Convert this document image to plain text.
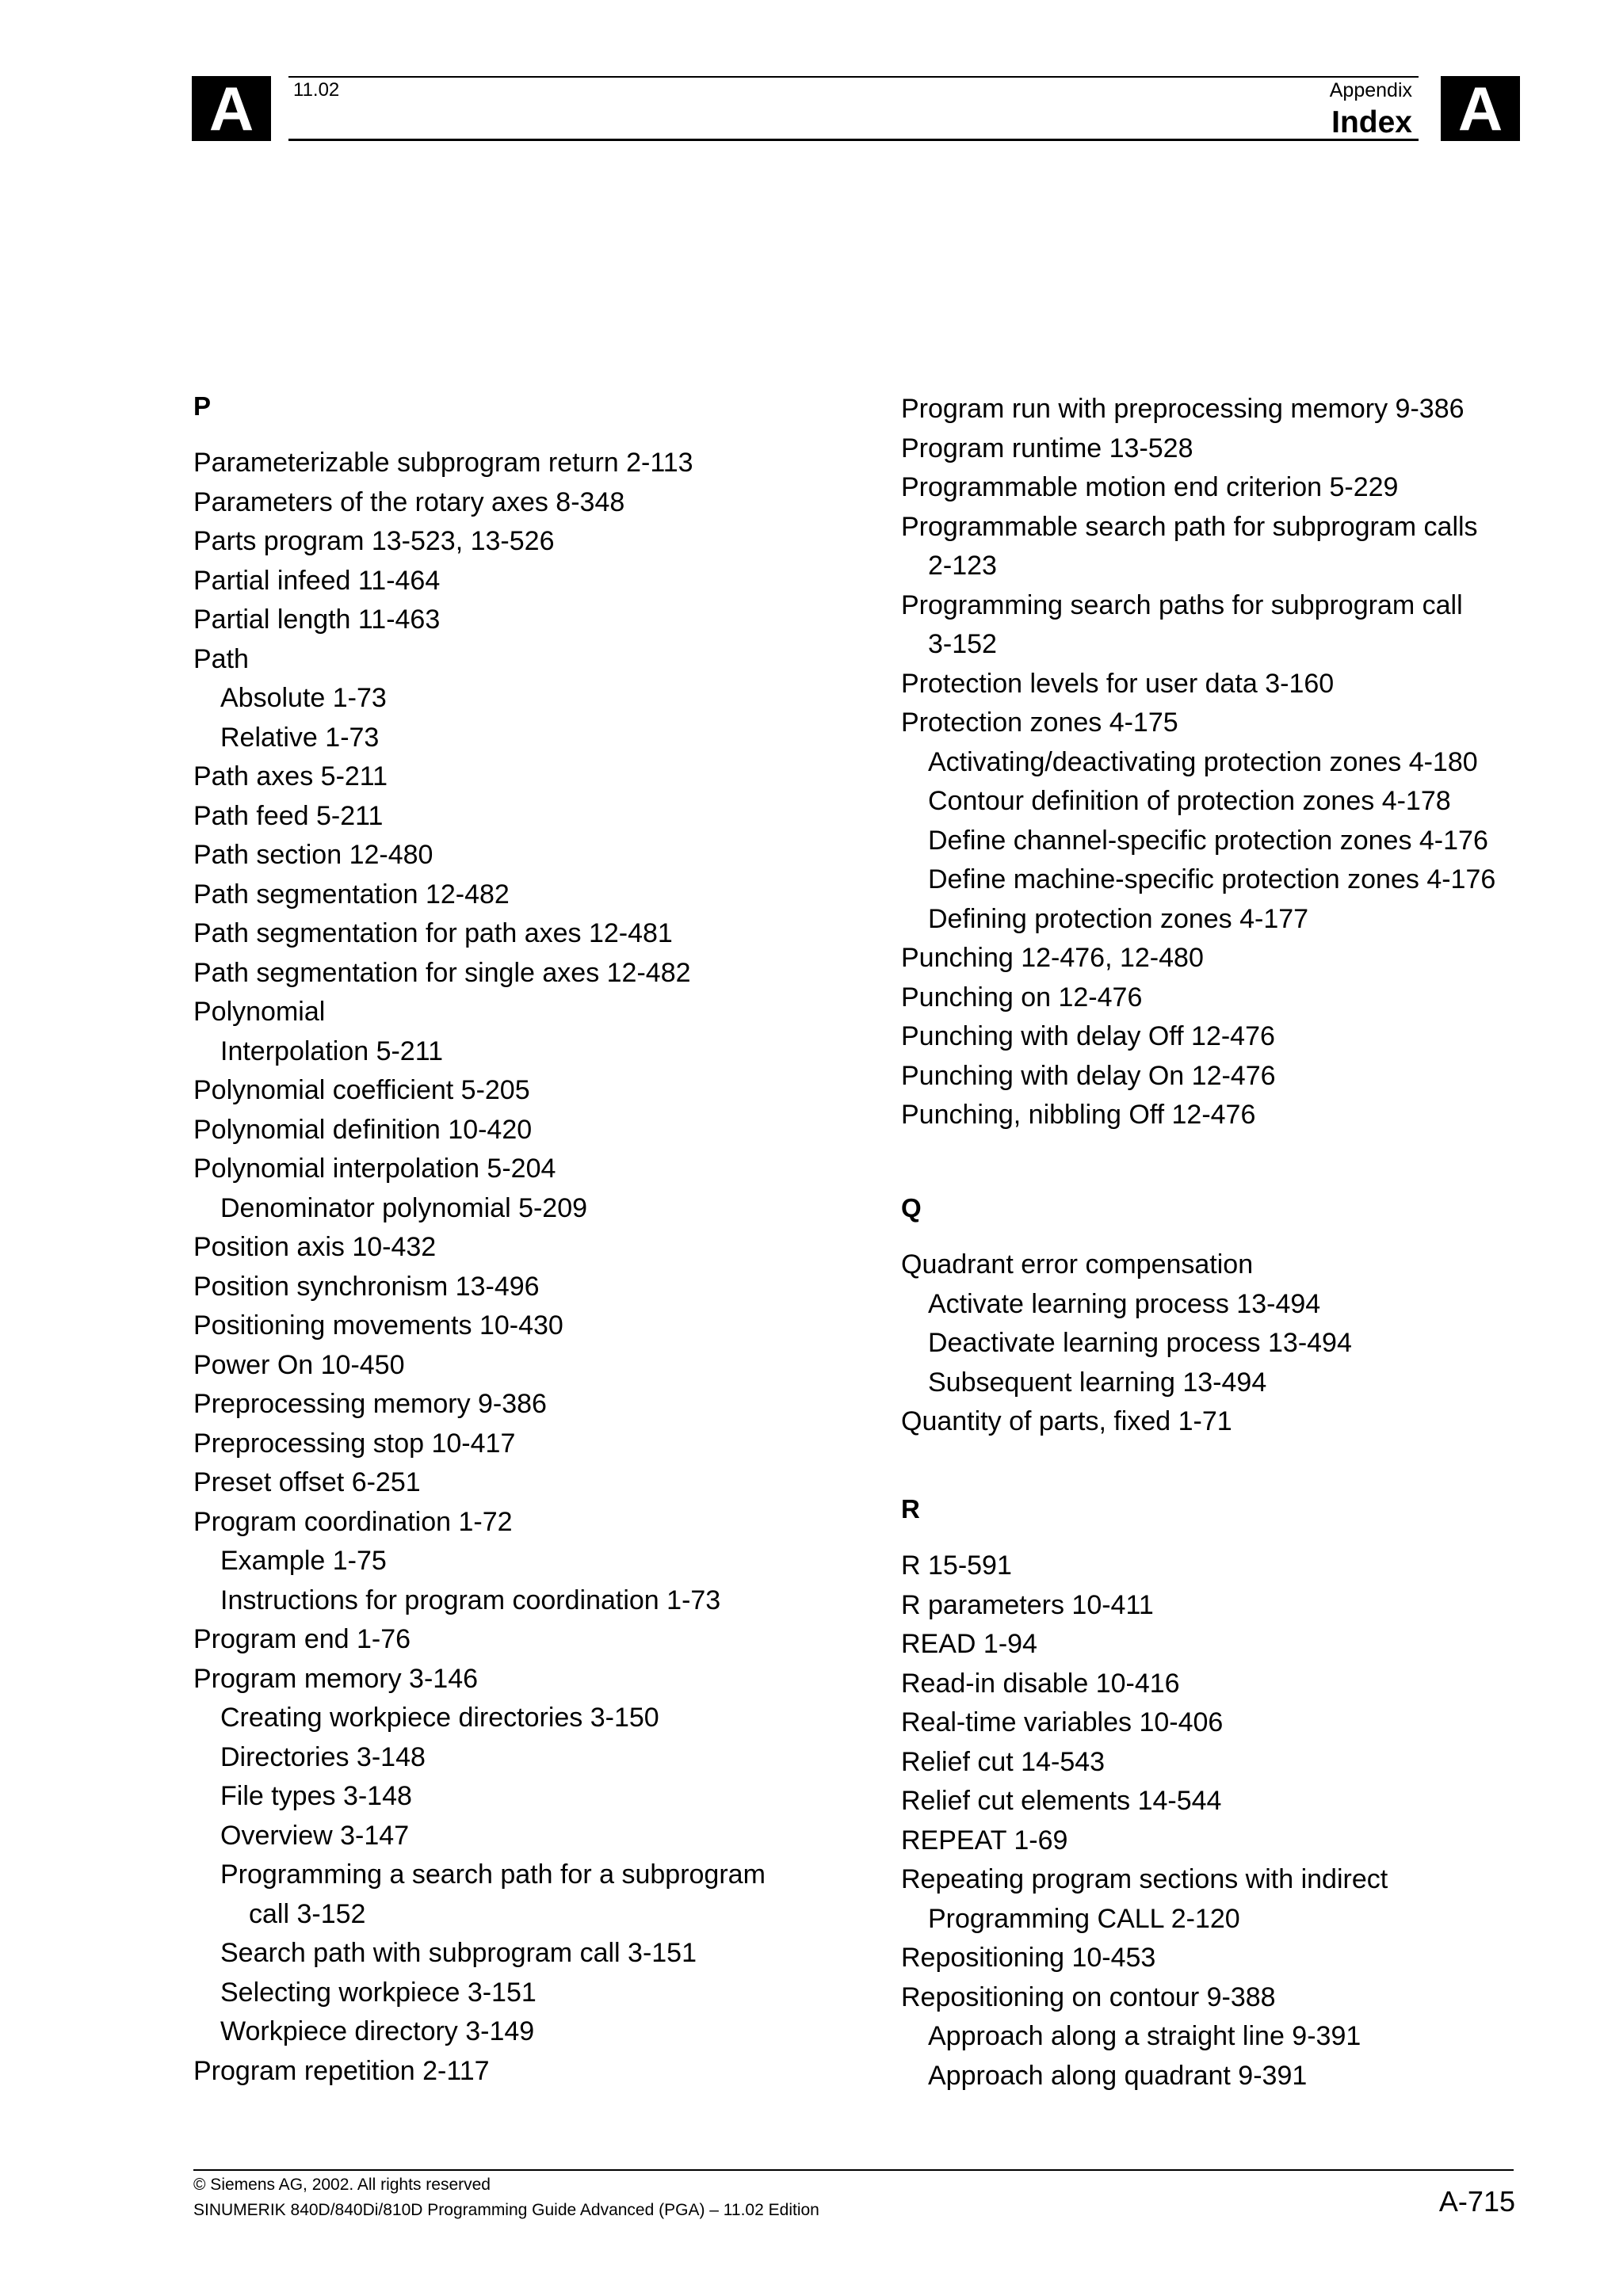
A	A
11.02	Appendix
Index
P
Parameterizable subprogram return 2-113
Parameters of the rotary axes 8-348
Parts program 13-523, 13-526
Partial infeed 11-464
Partial length 11-463
Path
Absolute 1-73
Relative 1-73
Path axes 5-211
Path feed 5-211
Path section 12-480
Path segmentation 12-482
Path segmentation for path axes 12-481
Path segmentation for single axes 12-482
Polynomial
Interpolation 5-211
Polynomial coefficient 5-205
Polynomial definition 10-420
Polynomial interpolation 5-204
Denominator polynomial 5-209
Position axis 10-432
Position synchronism 13-496
Positioning movements 10-430
Power On 10-450
Preprocessing memory 9-386
Preprocessing stop 10-417
Preset offset 6-251
Program coordination 1-72
Example 1-75
Instructions for program coordination 1-73
Program end 1-76
Program memory 3-146
Creating workpiece directories 3-150
Directories 3-148
File types 3-148
Overview 3-147
Programming a search path for a subprogram
call 3-152
Search path with subprogram call 3-151
Selecting workpiece 3-151
Workpiece directory 3-149
Program repetition 2-117
Program run with preprocessing memory 9-386
Program runtime 13-528
Programmable motion end criterion 5-229
Programmable search path for subprogram calls
2-123
Programming search paths for subprogram call
3-152
Protection levels for user data 3-160
Protection zones 4-175
Activating/deactivating protection zones 4-180
Contour definition of protection zones 4-178
Define channel-specific protection zones 4-176
Define machine-specific protection zones 4-176
Defining protection zones 4-177
Punching 12-476, 12-480
Punching on 12-476
Punching with delay Off 12-476
Punching with delay On 12-476
Punching, nibbling Off 12-476
Q
Quadrant error compensation
Activate learning process 13-494
Deactivate learning process 13-494
Subsequent learning 13-494
Quantity of parts, fixed 1-71
R
R 15-591
R parameters 10-411
READ 1-94
Read-in disable 10-416
Real-time variables 10-406
Relief cut 14-543
Relief cut elements 14-544
REPEAT 1-69
Repeating program sections with indirect
Programming CALL 2-120
Repositioning 10-453
Repositioning on contour 9-388
Approach along a straight line 9-391
Approach along quadrant 9-391
© Siemens AG, 2002. All rights reserved
SINUMERIK 840D/840Di/810D Programming Guide Advanced (PGA) – 11.02 Edition	A-715
